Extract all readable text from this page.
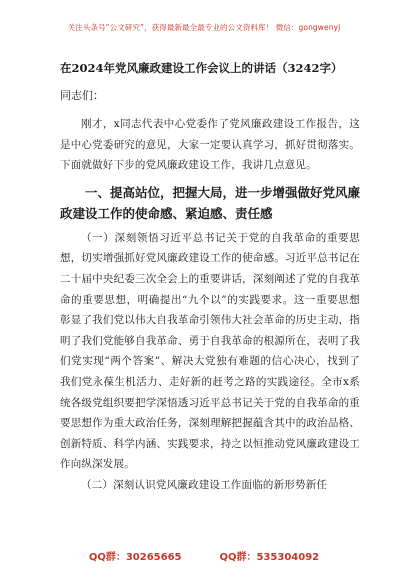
关注头条号“公文研究”，获得最新最全最专业的公文资料库！ 微信：gongwenyj
在2024年党风廉政建设工作会议上的讲话（3242字）
同志们：

刚才，x同志代表中心党委作了党风廉政建设工作报告，这是中心党委研究的意见，大家一定要认真学习，抓好贯彻落实。下面就做好下步的党风廉政建设工作，我讲几点意见。

一、提高站位，把握大局，进一步增强做好党风廉政建设工作的使命感、紧迫感、责任感

（一）深刻领悟习近平总书记关于党的自我革命的重要思想，切实增强抓好党风廉政建设工作的使命感。习近平总书记在二十届中央纪委三次全会上的重要讲话，深刻阐述了党的自我革命的重要思想，明确提出“九个以”的实践要求。这一重要思想彰显了我们党以伟大自我革命引领伟大社会革命的历史主动，指明了我们党能够自我革命、勇于自我革命的根源所在，表明了我们党实现“两个答案”、解决大党独有难题的信心决心，找到了我们党永葆生机活力、走好新的赶考之路的实践途径。全市x系统各级党组织要把学深悟透习近平总书记关于党的自我革命的重要思想作为重大政治任务，深刻理解把握蕴含其中的政治品格、创新特质、科学内涵、实践要求，持之以恒推动党风廉政建设工作向纵深发展。

（二）深刻认识党风廉政建设工作面临的新形势新任

QQ群：30265665	QQ群：535304092
